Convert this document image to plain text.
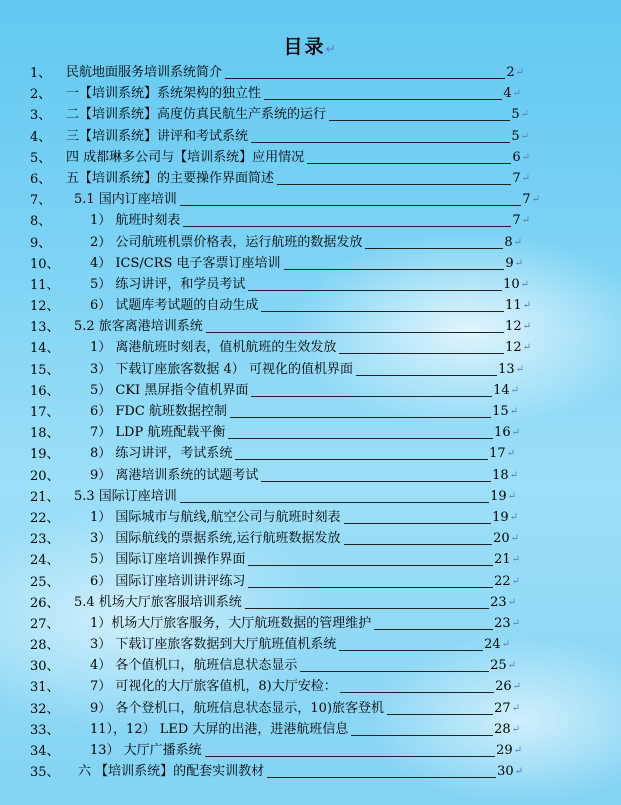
目录↵
1、 民航地面服务培训系统简介	2 ↵
2、 一【培训系统】系统架构的独立性	4 ↵
3、 二【培训系统】高度仿真民航生产系统的运行	5 ↵
4、 三【培训系统】讲评和考试系统	5 ↵
5、 四 成都琳多公司与【培训系统】应用情况	6 ↵
6、 五【培训系统】的主要操作界面简述	7 ↵
7、 5.1 国内订座培训	7 ↵
8、	1） 航班时刻表	7 ↵
9、	2） 公司航班机票价格表，运行航班的数据发放	8 ↵
10、 4） ICS/CRS 电子客票订座培训	9 ↵
11、 5） 练习讲评，和学员考试	10 ↵
12、 6） 试题库考试题的自动生成	11 ↵
13、 5.2 旅客离港培训系统	12 ↵
14、 1） 离港航班时刻表，值机航班的生效发放	12 ↵
15、 3） 下载订座旅客数据 4） 可视化的值机界面	13 ↵
16、 5） CKI 黑屏指令值机界面	14 ↵
17、 6） FDC 航班数据控制	15 ↵
18、 7） LDP 航班配载平衡	16 ↵
19、 8） 练习讲评，考试系统	17 ↵
20、 9） 离港培训系统的试题考试	18 ↵
21、 5.3 国际订座培训	19 ↵
22、 1） 国际城市与航线,航空公司与航班时刻表	19 ↵
23、 3） 国际航线的票据系统,运行航班数据发放	20 ↵
24、 5） 国际订座培训操作界面	21 ↵
25、 6） 国际订座培训讲评练习	22 ↵
26、 5.4 机场大厅旅客服培训系统	23 ↵
27、 1）机场大厅旅客服务，大厅航班数据的管理维护	23 ↵
28、 3） 下载订座旅客数据到大厅航班值机系统	24 ↵
30、 4） 各个值机口，航班信息状态显示	25 ↵
31、 7） 可视化的大厅旅客值机，8)大厅安检：	26 ↵
32、 9） 各个登机口，航班信息状态显示，10)旅客登机	27 ↵
33、 11），12） LED 大屏的出港，进港航班信息	28 ↵
34、 13） 大厅广播系统	29 ↵
35、 六 【培训系统】的配套实训教材	30 ↵
